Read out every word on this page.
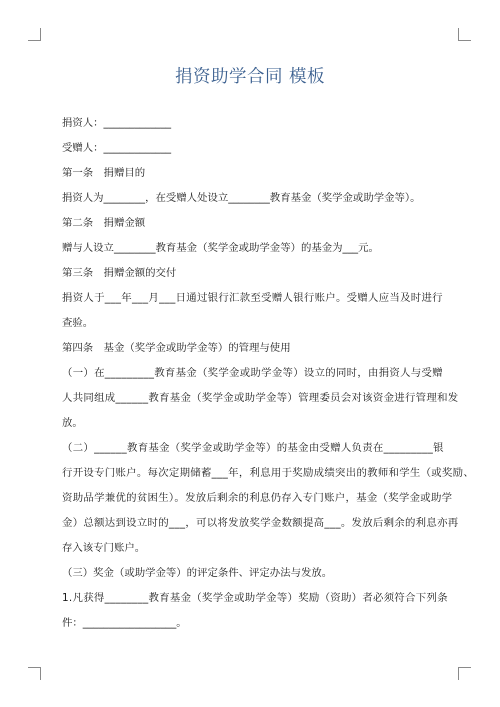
捐资助学合同 模板
捐资人：_____________
受赠人：_____________
第一条　捐赠目的
捐资人为________，在受赠人处设立________教育基金（奖学金或助学金等）。
第二条　捐赠金额
赠与人设立________教育基金（奖学金或助学金等）的基金为___元。
第三条　捐赠金额的交付
捐资人于___年___月___日通过银行汇款至受赠人银行账户。受赠人应当及时进行
查验。
第四条　基金（奖学金或助学金等）的管理与使用
（一）在_________教育基金（奖学金或助学金等）设立的同时，由捐资人与受赠
人共同组成______教育基金（奖学金或助学金等）管理委员会对该资金进行管理和发
放。
（二）______教育基金（奖学金或助学金等）的基金由受赠人负责在_________银
行开设专门账户。每次定期储蓄___年，利息用于奖励成绩突出的教师和学生（或奖励、
资助品学兼优的贫困生）。发放后剩余的利息仍存入专门账户，基金（奖学金或助学
金）总额达到设立时的___，可以将发放奖学金数额提高___。发放后剩余的利息亦再
存入该专门账户。
（三）奖金（或助学金等）的评定条件、评定办法与发放。
1.凡获得________教育基金（奖学金或助学金等）奖励（资助）者必须符合下列条
件：__________________。
